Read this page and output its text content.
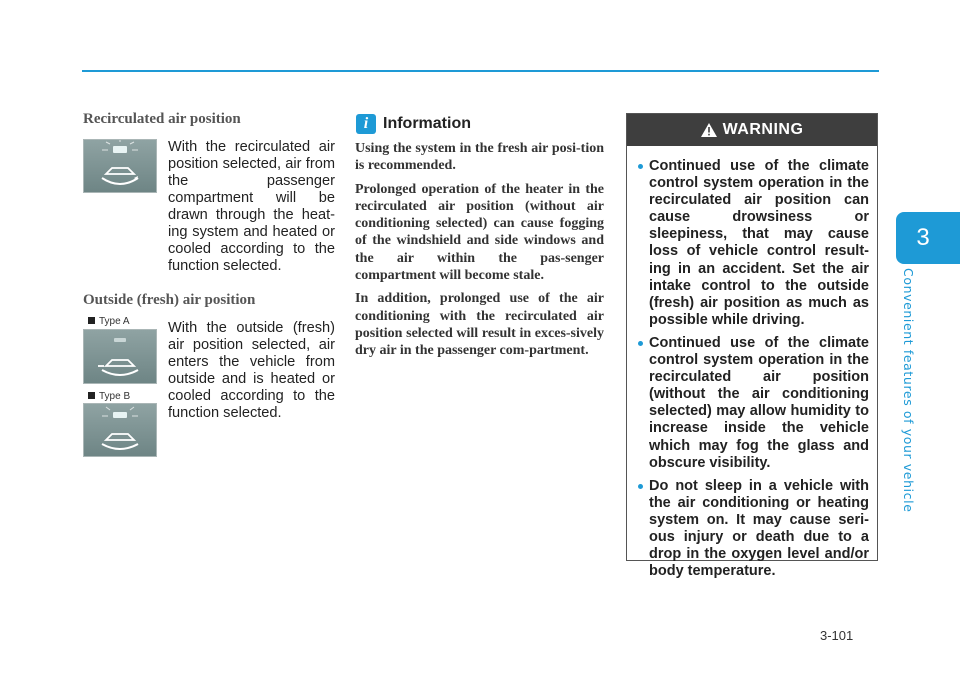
3
Convenient features of your vehicle
Recirculated air position

With the recirculated air position selected, air from the passenger compartment will be drawn through the heat-ing system and heated or cooled according to the function selected.

Outside (fresh) air position
Type A
Type B

With the outside (fresh) air position selected, air enters the vehicle from outside and is heated or cooled according to the function selected.

i Information

Using the system in the fresh air posi-tion is recommended.

Prolonged operation of the heater in the recirculated air position (without air conditioning selected) can cause fogging of the windshield and side windows and the air within the pas-senger compartment will become stale.

In addition, prolonged use of the air conditioning with the recirculated air position selected will result in exces-sively dry air in the passenger com-partment.

WARNING
Continued use of the climate control system operation in the recirculated air position can cause drowsiness or sleepiness, that may cause loss of vehicle control result-ing in an accident. Set the air intake control to the outside (fresh) air position as much as possible while driving.
Continued use of the climate control system operation in the recirculated air position (without the air conditioning selected) may allow humidity to increase inside the vehicle which may fog the glass and obscure visibility.
Do not sleep in a vehicle with the air conditioning or heating system on. It may cause seri-ous injury or death due to a drop in the oxygen level and/or body temperature.
3-101
